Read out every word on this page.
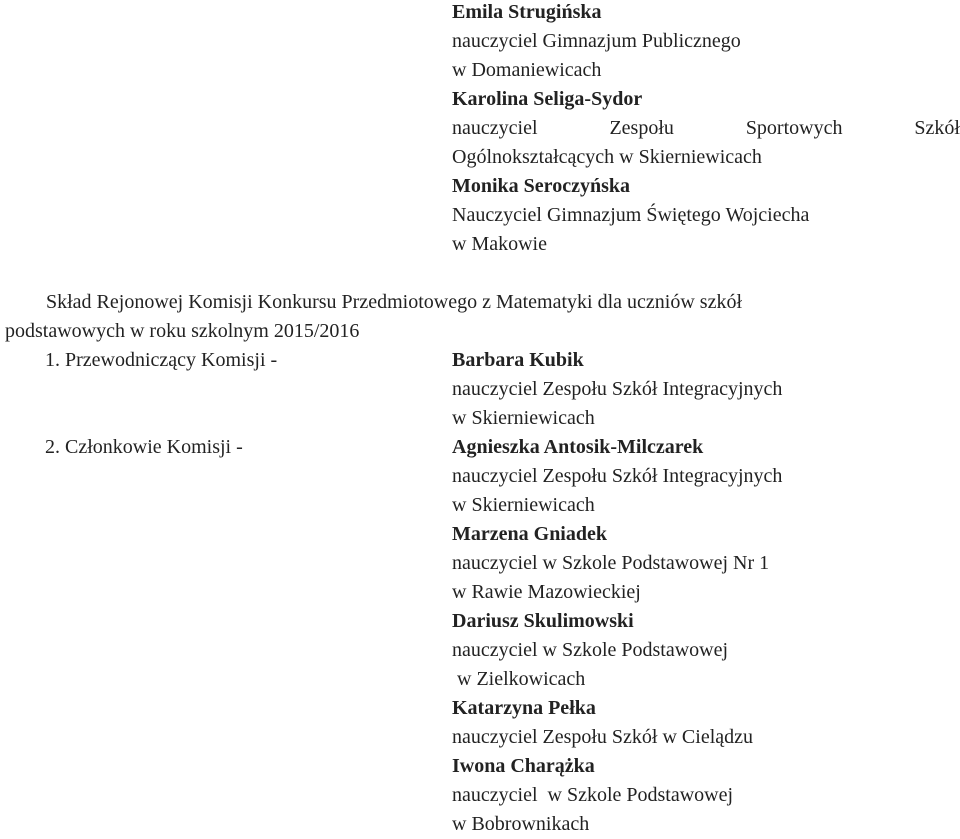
Emila Strugińska
nauczyciel Gimnazjum Publicznego
w Domaniewicach
Karolina Seliga-Sydor
nauczyciel	Zespołu	Sportowych	Szkół
Ogólnokształcących w Skierniewicach
Monika Seroczyńska
Nauczyciel Gimnazjum Świętego Wojciecha
w Makowie
Skład Rejonowej Komisji Konkursu Przedmiotowego z Matematyki dla uczniów szkół
podstawowych w roku szkolnym 2015/2016
1. Przewodniczący Komisji -	Barbara Kubik
nauczyciel Zespołu Szkół Integracyjnych
w Skierniewicach
2. Członkowie Komisji -	Agnieszka Antosik-Milczarek
nauczyciel Zespołu Szkół Integracyjnych
w Skierniewicach
Marzena Gniadek
nauczyciel w Szkole Podstawowej Nr 1
w Rawie Mazowieckiej
Dariusz Skulimowski
nauczyciel w Szkole Podstawowej
w Zielkowicach
Katarzyna Pełka
nauczyciel Zespołu Szkół w Cielądzu
Iwona Charążka
nauczyciel  w Szkole Podstawowej
w Bobrownikach
